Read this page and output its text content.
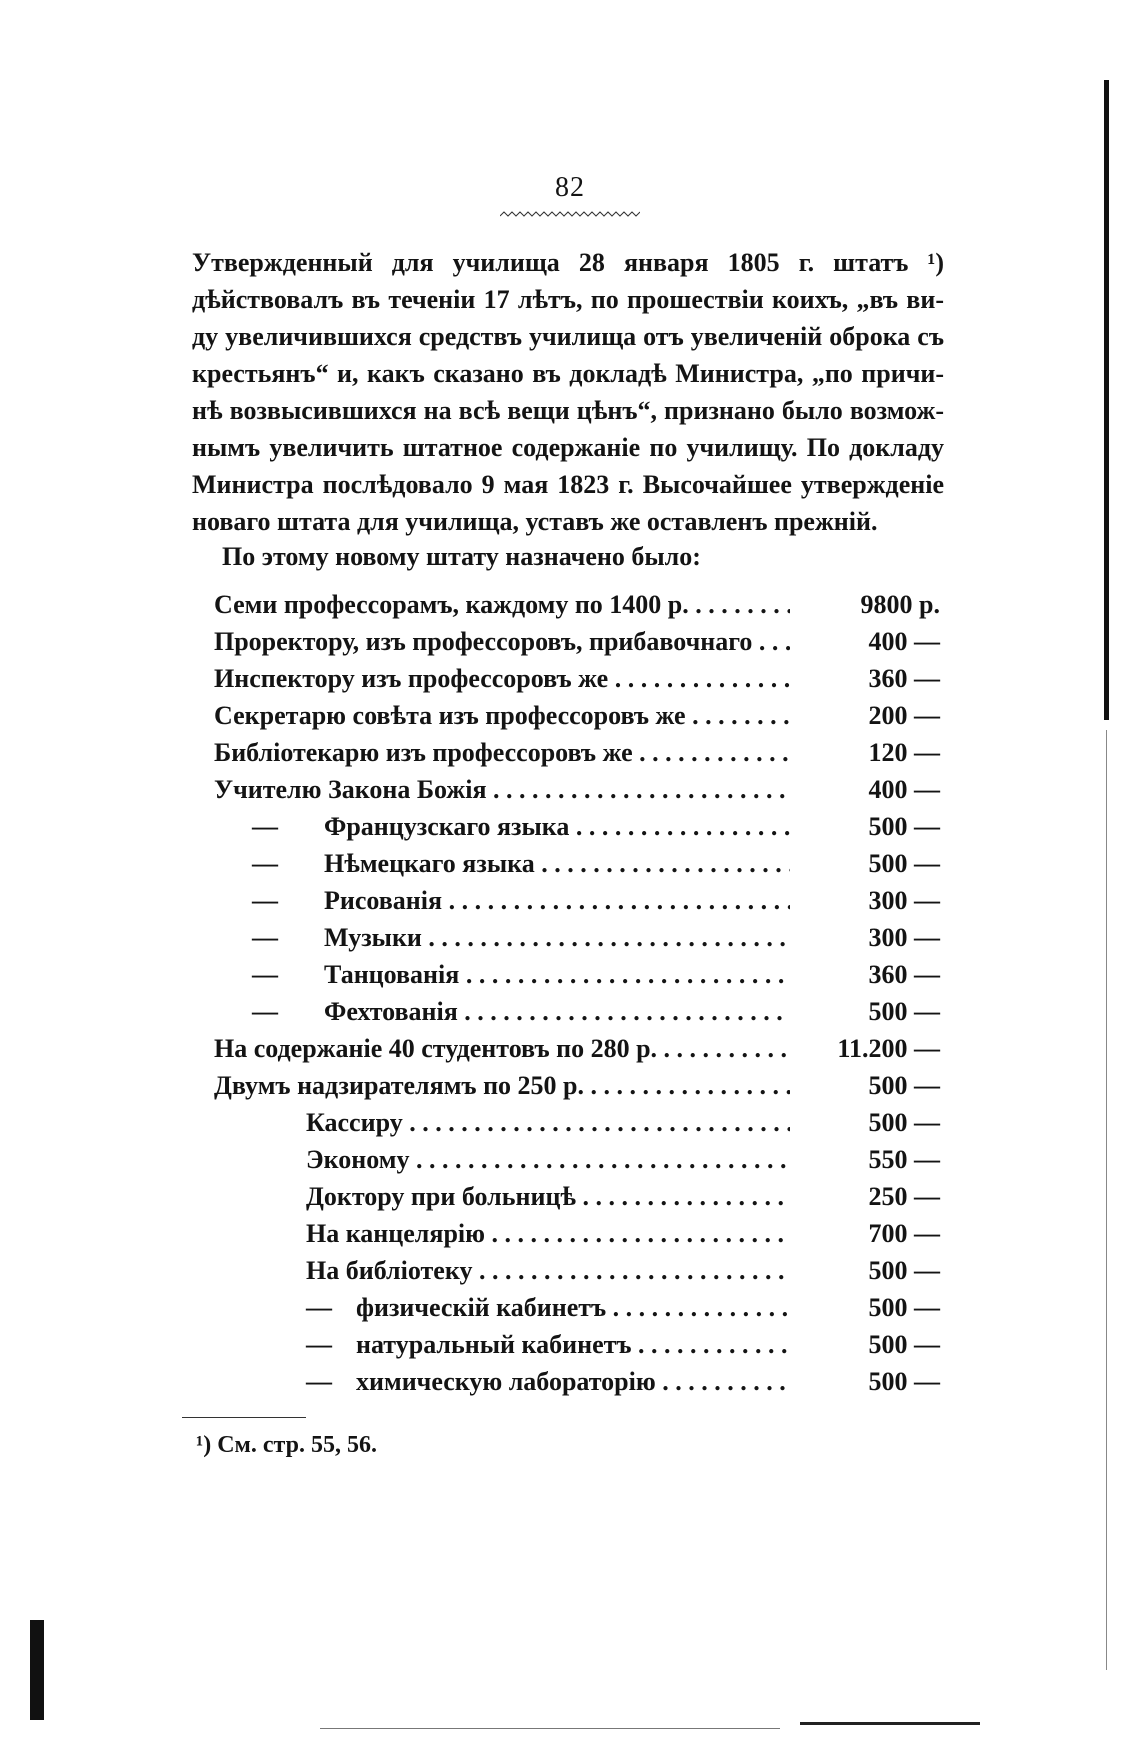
82
Утвержденный для училища 28 января 1805 г. штатъ ¹)
дѣйствовалъ въ теченіи 17 лѣтъ, по прошествіи коихъ, „въ ви-
ду увеличившихся средствъ училища отъ увеличеній оброка съ
крестьянъ“ и, какъ сказано въ докладѣ Министра, „по причи-
нѣ возвысившихся на всѣ вещи цѣнъ“, признано было возмож-
нымъ увеличить штатное содержаніе по училищу. По докладу
Министра послѣдовало 9 мая 1823 г. Высочайшее утвержденіе
новаго штата для училища, уставъ же оставленъ прежній.
По этому новому штату назначено было:
Семи профессорамъ, каждому по 1400 р. . . .	9800 р.
Проректору, изъ профессоровъ, прибавочнаго . . .	400 —
Инспектору изъ профессоровъ же . . .	360 —
Секретарю совѣта изъ профессоровъ же . . .	200 —
Библіотекарю изъ профессоровъ же . . .	120 —
Учителю Закона Божія . . .	400 —
— Французскаго языка . . .	500 —
— Нѣмецкаго языка . . .	500 —
— Рисованія . . .	300 —
— Музыки . . .	300 —
— Танцованія . . .	360 —
— Фехтованія . . .	500 —
На содержаніе 40 студентовъ по 280 р. . . .	11.200 —
Двумъ надзирателямъ по 250 р. . . .	500 —
Кассиру . . .	500 —
Эконому . . .	550 —
Доктору при больницѣ . . .	250 —
На канцелярію . . .	700 —
На библіотеку . . .	500 —
— физическій кабинетъ . . .	500 —
— натуральный кабинетъ . . .	500 —
— химическую лабораторію . . .	500 —
¹) См. стр. 55, 56.
